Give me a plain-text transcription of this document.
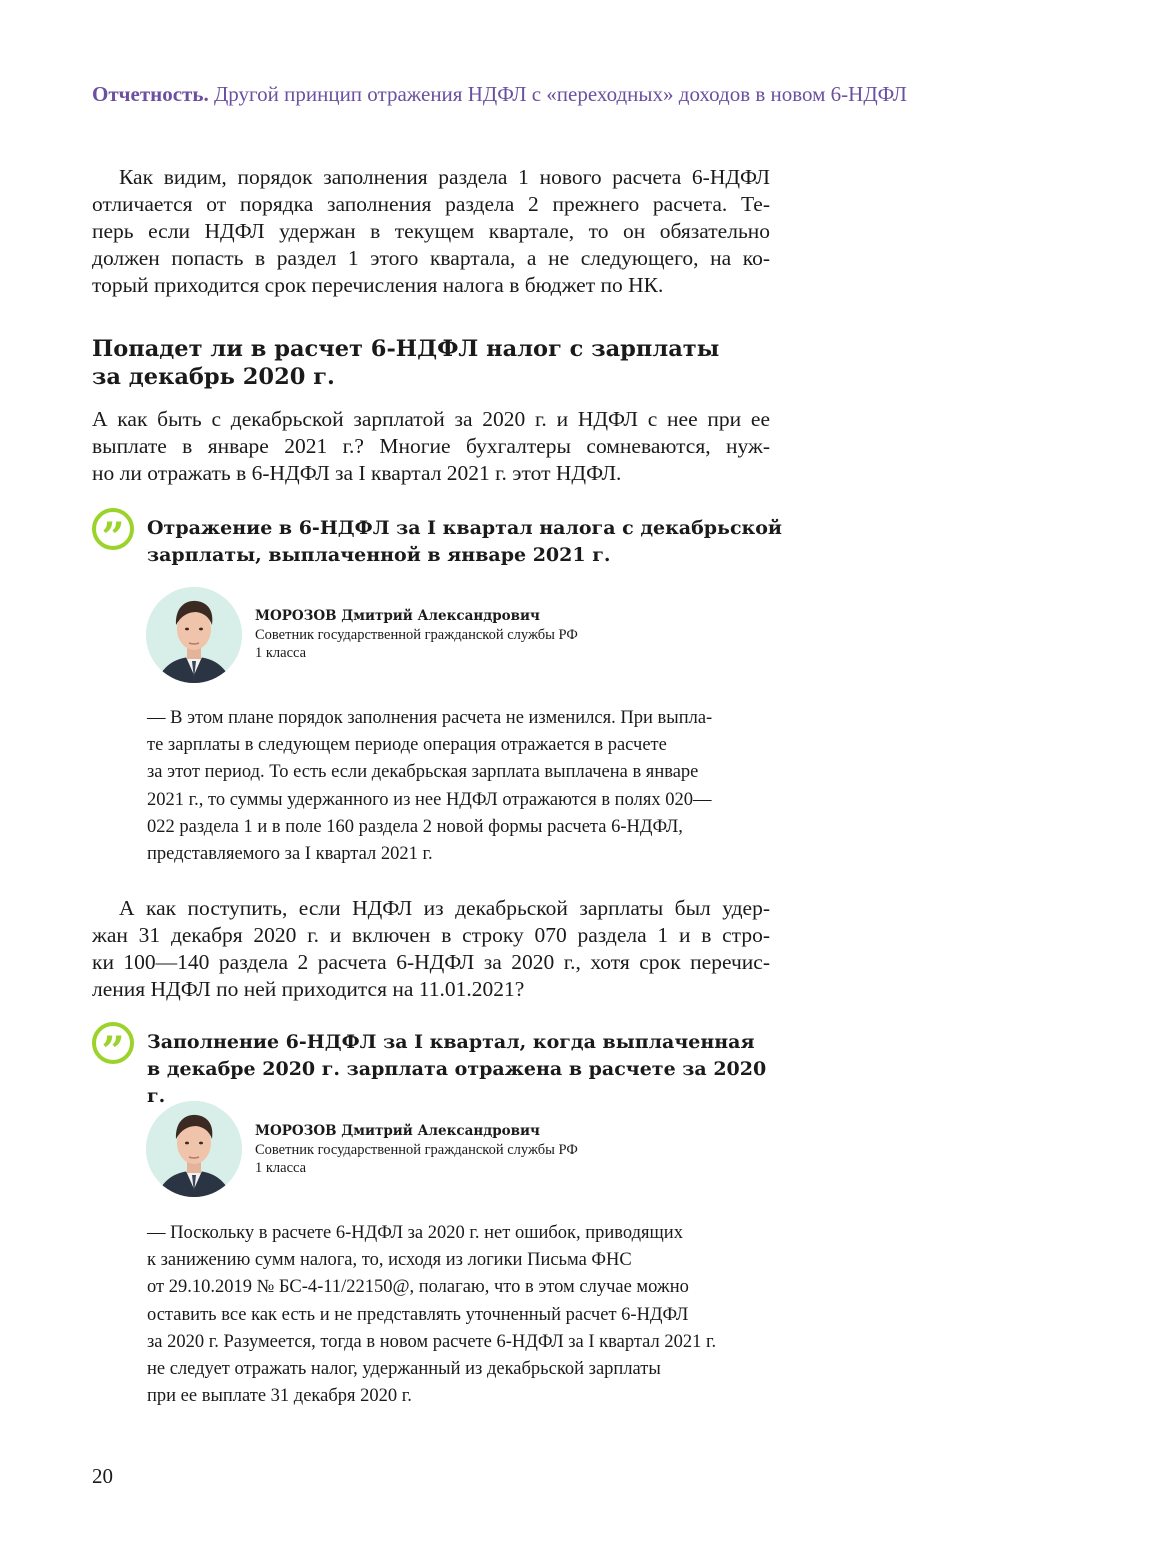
Отчетность. Другой принцип отражения НДФЛ с «переходных» доходов в новом 6-НДФЛ
Как видим, порядок заполнения раздела 1 нового расчета 6-НДФЛ
отличается от порядка заполнения раздела 2 прежнего расчета. Те-
перь если НДФЛ удержан в текущем квартале, то он обязательно
должен попасть в раздел 1 этого квартала, а не следующего, на ко-
торый приходится срок перечисления налога в бюджет по НК.
Попадет ли в расчет 6-НДФЛ налог с зарплаты
за декабрь 2020 г.
А как быть с декабрьской зарплатой за 2020 г. и НДФЛ с нее при ее
выплате в январе 2021 г.? Многие бухгалтеры сомневаются, нуж-
но ли отражать в 6-НДФЛ за I квартал 2021 г. этот НДФЛ.
”	Отражение в 6-НДФЛ за I квартал налога с декабрьской
зарплаты, выплаченной в январе 2021 г.
МОРОЗОВ Дмитрий Александрович
Советник государственной гражданской службы РФ
1 класса
— В этом плане порядок заполнения расчета не изменился. При выпла-
те зарплаты в следующем периоде операция отражается в расчете
за этот период. То есть если декабрьская зарплата выплачена в январе
2021 г., то суммы удержанного из нее НДФЛ отражаются в полях 020—
022 раздела 1 и в поле 160 раздела 2 новой формы расчета 6-НДФЛ,
представляемого за I квартал 2021 г.
А как поступить, если НДФЛ из декабрьской зарплаты был удер-
жан 31 декабря 2020 г. и включен в строку 070 раздела 1 и в стро-
ки 100—140 раздела 2 расчета 6-НДФЛ за 2020 г., хотя срок перечис-
ления НДФЛ по ней приходится на 11.01.2021?
”	Заполнение 6-НДФЛ за I квартал, когда выплаченная
в декабре 2020 г. зарплата отражена в расчете за 2020 г.
МОРОЗОВ Дмитрий Александрович
Советник государственной гражданской службы РФ
1 класса
— Поскольку в расчете 6-НДФЛ за 2020 г. нет ошибок, приводящих
к занижению сумм налога, то, исходя из логики Письма ФНС
от 29.10.2019 № БС-4-11/22150@, полагаю, что в этом случае можно
оставить все как есть и не представлять уточненный расчет 6-НДФЛ
за 2020 г. Разумеется, тогда в новом расчете 6-НДФЛ за I квартал 2021 г.
не следует отражать налог, удержанный из декабрьской зарплаты
при ее выплате 31 декабря 2020 г.
20
